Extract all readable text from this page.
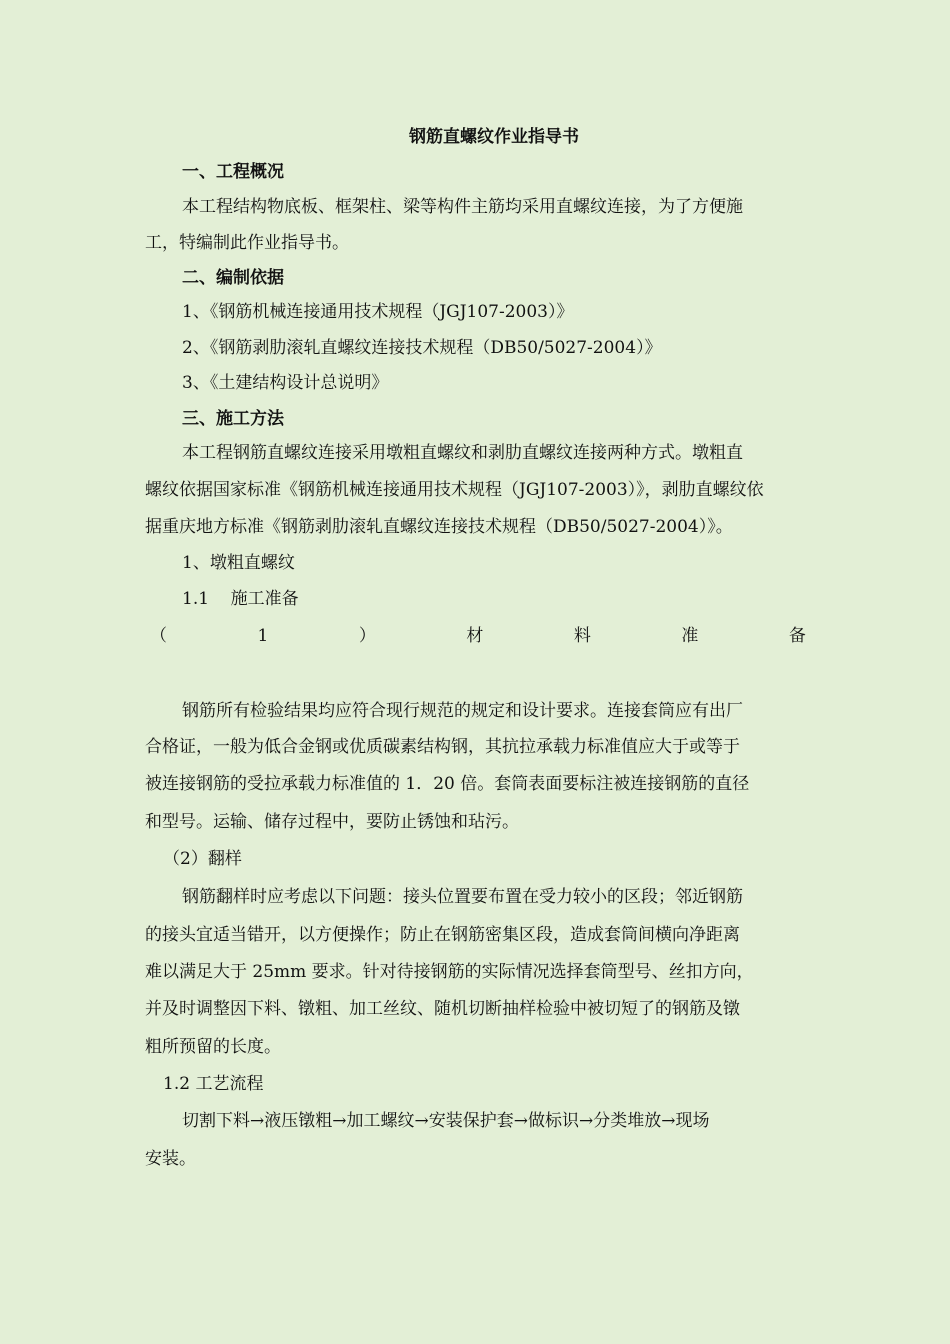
钢筋直螺纹作业指导书
一、工程概况
本工程结构物底板、框架柱、梁等构件主筋均采用直螺纹连接，为了方便施
工，特编制此作业指导书。
二、编制依据
1、《钢筋机械连接通用技术规程（JGJ107-2003）》
2、《钢筋剥肋滚轧直螺纹连接技术规程（DB50/5027-2004）》
3、《土建结构设计总说明》
三、施工方法
本工程钢筋直螺纹连接采用墩粗直螺纹和剥肋直螺纹连接两种方式。墩粗直
螺纹依据国家标准《钢筋机械连接通用技术规程（JGJ107-2003）》，剥肋直螺纹依
据重庆地方标准《钢筋剥肋滚轧直螺纹连接技术规程（DB50/5027-2004）》。
1、墩粗直螺纹
1.1    施工准备
（	1	）	材	料	准	备
钢筋所有检验结果均应符合现行规范的规定和设计要求。连接套筒应有出厂
合格证，一般为低合金钢或优质碳素结构钢，其抗拉承载力标准值应大于或等于
被连接钢筋的受拉承载力标准值的 1．20 倍。套筒表面要标注被连接钢筋的直径
和型号。运输、储存过程中，要防止锈蚀和玷污。
（2）翻样
钢筋翻样时应考虑以下问题：接头位置要布置在受力较小的区段；邻近钢筋
的接头宜适当错开，以方便操作；防止在钢筋密集区段，造成套筒间横向净距离
难以满足大于 25mm 要求。针对待接钢筋的实际情况选择套筒型号、丝扣方向，
并及时调整因下料、镦粗、加工丝纹、随机切断抽样检验中被切短了的钢筋及镦
粗所预留的长度。
1.2 工艺流程
切割下料→液压镦粗→加工螺纹→安装保护套→做标识→分类堆放→现场
安装。
